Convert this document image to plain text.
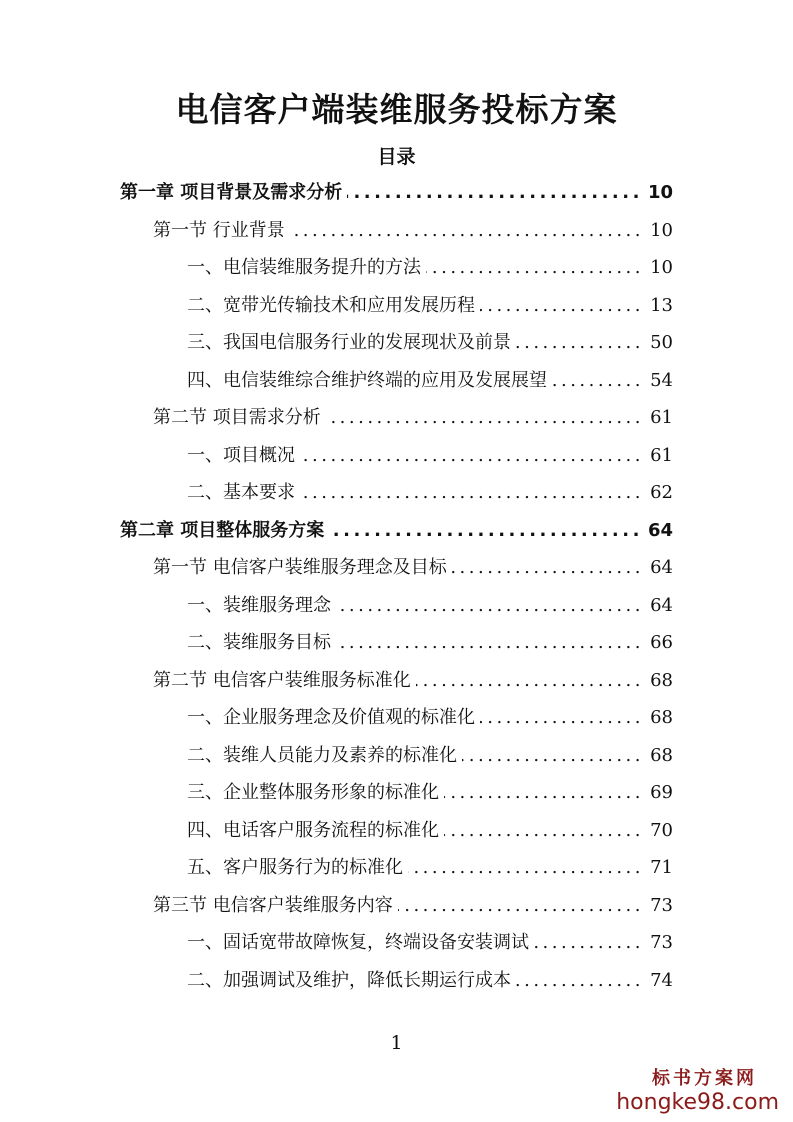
电信客户端装维服务投标方案
目录
第一章 项目背景及需求分析 .....	10
第一节 行业背景 .....	10
一、电信装维服务提升的方法 .....	10
二、宽带光传输技术和应用发展历程 .....	13
三、我国电信服务行业的发展现状及前景 .....	50
四、电信装维综合维护终端的应用及发展展望 .....	54
第二节 项目需求分析 .....	61
一、项目概况 .....	61
二、基本要求 .....	62
第二章 项目整体服务方案 .....	64
第一节 电信客户装维服务理念及目标 .....	64
一、装维服务理念 .....	64
二、装维服务目标 .....	66
第二节 电信客户装维服务标准化 .....	68
一、企业服务理念及价值观的标准化 .....	68
二、装维人员能力及素养的标准化 .....	68
三、企业整体服务形象的标准化 .....	69
四、电话客户服务流程的标准化 .....	70
五、客户服务行为的标准化 .....	71
第三节 电信客户装维服务内容 .....	73
一、固话宽带故障恢复，终端设备安装调试 .....	73
二、加强调试及维护，降低长期运行成本 .....	74
1
标书方案网
hongke98.com
